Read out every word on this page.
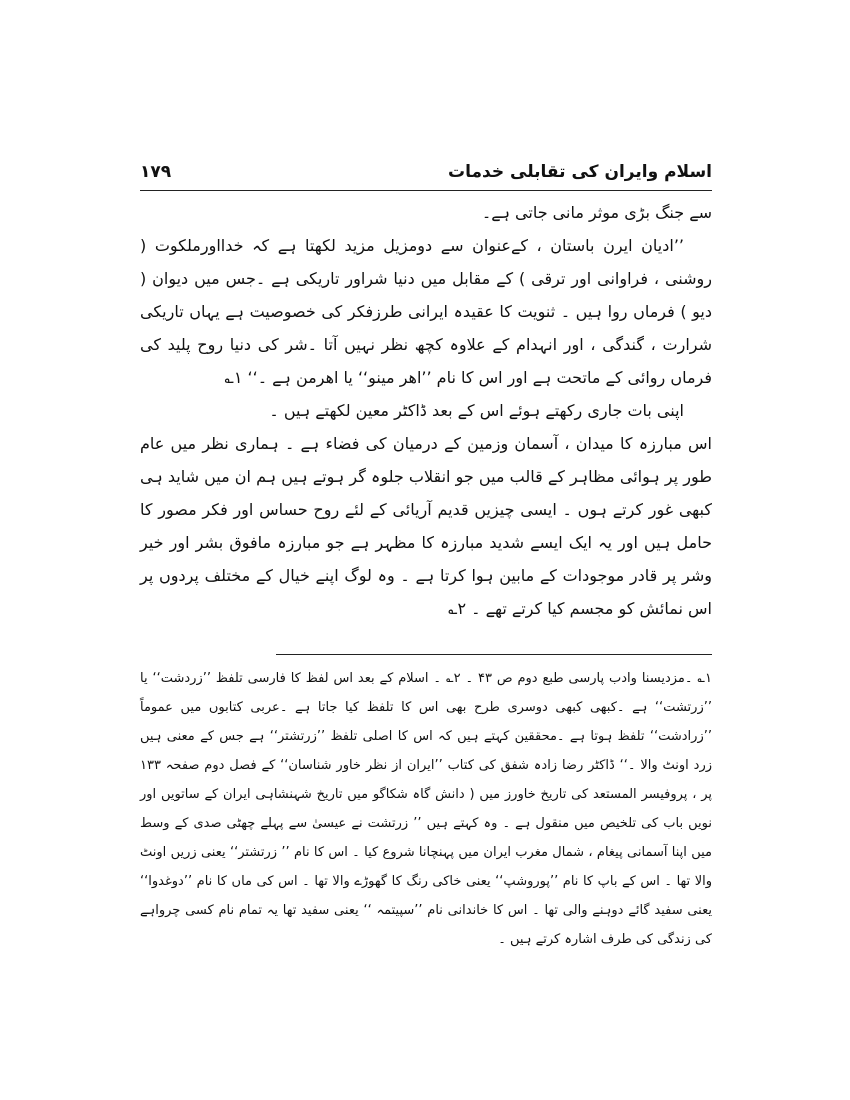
اسلام وایران کی تقابلی خدمات
۱۷۹

سے جنگ بڑی موثر مانی جاتی ہے۔

’’ادیان ایرن باستان ، کےعنوان سے دومزیل مزید لکھتا ہے کہ خدااورملکوت ( روشنی ، فراوانی اور ترقی ) کے مقابل میں دنیا شراور تاریکی ہے ۔جس میں دیوان ( دیو ) فرماں روا ہیں ۔ ثنویت کا عقیدہ ایرانی طرزفکر کی خصوصیت ہے یہاں تاریکی شرارت ، گندگی ، اور انہدام کے علاوہ کچھ نظر نہیں آتا ۔شر کی دنیا روح پلید کی فرماں روائی کے ماتحت ہے اور اس کا نام ’’اھر مینو‘‘ یا اھرمن ہے ۔‘‘ ۱؎

اپنی بات جاری رکھتے ہوئے اس کے بعد ڈاکٹر معین لکھتے ہیں ۔

اس مبارزہ کا میدان ، آسمان وزمین کے درمیان کی فضاء ہے ۔ ہماری نظر میں عام طور پر ہوائی مظاہر کے قالب میں جو انقلاب جلوہ گر ہوتے ہیں ہم ان میں شاید ہی کبھی غور کرتے ہوں ۔ ایسی چیزیں قدیم آریائی کے لئے روح حساس اور فکر مصور کا حامل ہیں اور یہ ایک ایسے شدید مبارزہ کا مظہر ہے جو مبارزہ مافوق بشر اور خیر وشر پر قادر موجودات کے مابین ہوا کرتا ہے ۔ وہ لوگ اپنے خیال کے مختلف پردوں پر اس نمائش کو مجسم کیا کرتے تھے ۔ ۲؎

۱؎ ۔مزدیسنا وادب پارسی طبع دوم ص ۴۳ ۔ ۲؎ ۔ اسلام کے بعد اس لفظ کا فارسی تلفظ ’’زردشت‘‘ یا ’’زرتشت‘‘ ہے ۔کبھی کبھی دوسری طرح بھی اس کا تلفظ کیا جاتا ہے ۔عربی کتابوں میں عموماً ’’زرادشت‘‘ تلفظ ہوتا ہے ۔محققین کہتے ہیں کہ اس کا اصلی تلفظ ’’زرتشتر‘‘ ہے جس کے معنی ہیں زرد اونٹ والا ۔‘‘ ڈاکٹر رضا زادہ شفق کی کتاب ’’ایران از نظر خاور شناسان‘‘ کے فصل دوم صفحہ ۱۳۳ پر ، پروفیسر المستعد کی تاریخ خاورز میں ( دانش گاہ شکاگو میں تاریخ شہنشاہی ایران کے ساتویں اور نویں باب کی تلخیص میں منقول ہے ۔ وہ کہتے ہیں ’’ زرتشت نے عیسیٰ سے پہلے چھٹی صدی کے وسط میں اپنا آسمانی پیغام ، شمال مغرب ایران میں پہنچانا شروع کیا ۔ اس کا نام ’’ زرتشتر‘‘ یعنی زریں اونٹ والا تھا ۔ اس کے باپ کا نام ’’پوروشپ‘‘ یعنی خاکی رنگ کا گھوڑے والا تھا ۔ اس کی ماں کا نام ’’دوغدوا‘‘ یعنی سفید گائے دوہنے والی تھا ۔ اس کا خاندانی نام ’’سپیتمہ ‘‘ یعنی سفید تھا یہ تمام نام کسی چرواہے کی زندگی کی طرف اشارہ کرتے ہیں ۔
